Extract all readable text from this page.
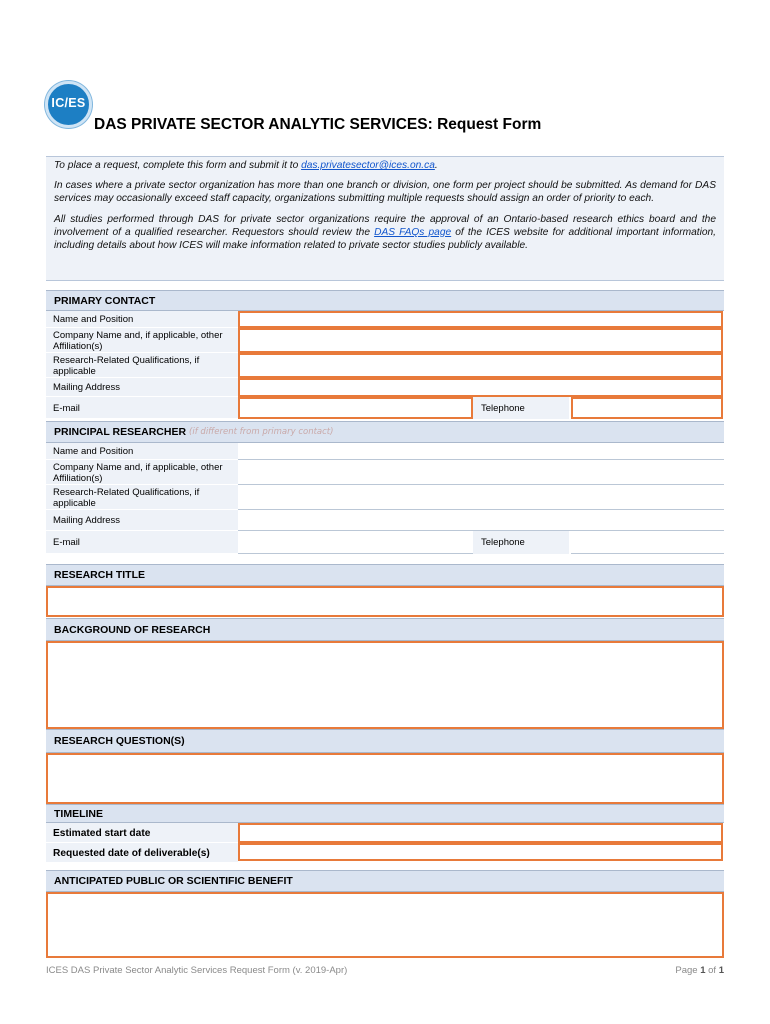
IC/ES
DAS PRIVATE SECTOR ANALYTIC SERVICES: Request Form

To place a request, complete this form and submit it to das.privatesector@ices.on.ca.

In cases where a private sector organization has more than one branch or division, one form per project should be submitted. As demand for DAS services may occasionally exceed staff capacity, organizations submitting multiple requests should assign an order of priority to each.

All studies performed through DAS for private sector organizations require the approval of an Ontario-based research ethics board and the involvement of a qualified researcher. Requestors should review the DAS FAQs page of the ICES website for additional important information, including details about how ICES will make information related to private sector studies publicly available.

PRIMARY CONTACT
Name and Position
Company Name and, if applicable, other Affiliation(s)
Research-Related Qualifications, if applicable
Mailing Address
E-mail	Telephone
PRINCIPAL RESEARCHER (if different from primary contact)
Name and Position
Company Name and, if applicable, other Affiliation(s)
Research-Related Qualifications, if applicable
Mailing Address
E-mail	Telephone
RESEARCH TITLE
BACKGROUND OF RESEARCH
RESEARCH QUESTION(S)
TIMELINE
Estimated start date
Requested date of deliverable(s)
ANTICIPATED PUBLIC OR SCIENTIFIC BENEFIT
ICES DAS Private Sector Analytic Services Request Form (v. 2019-Apr)	Page 1 of 1
